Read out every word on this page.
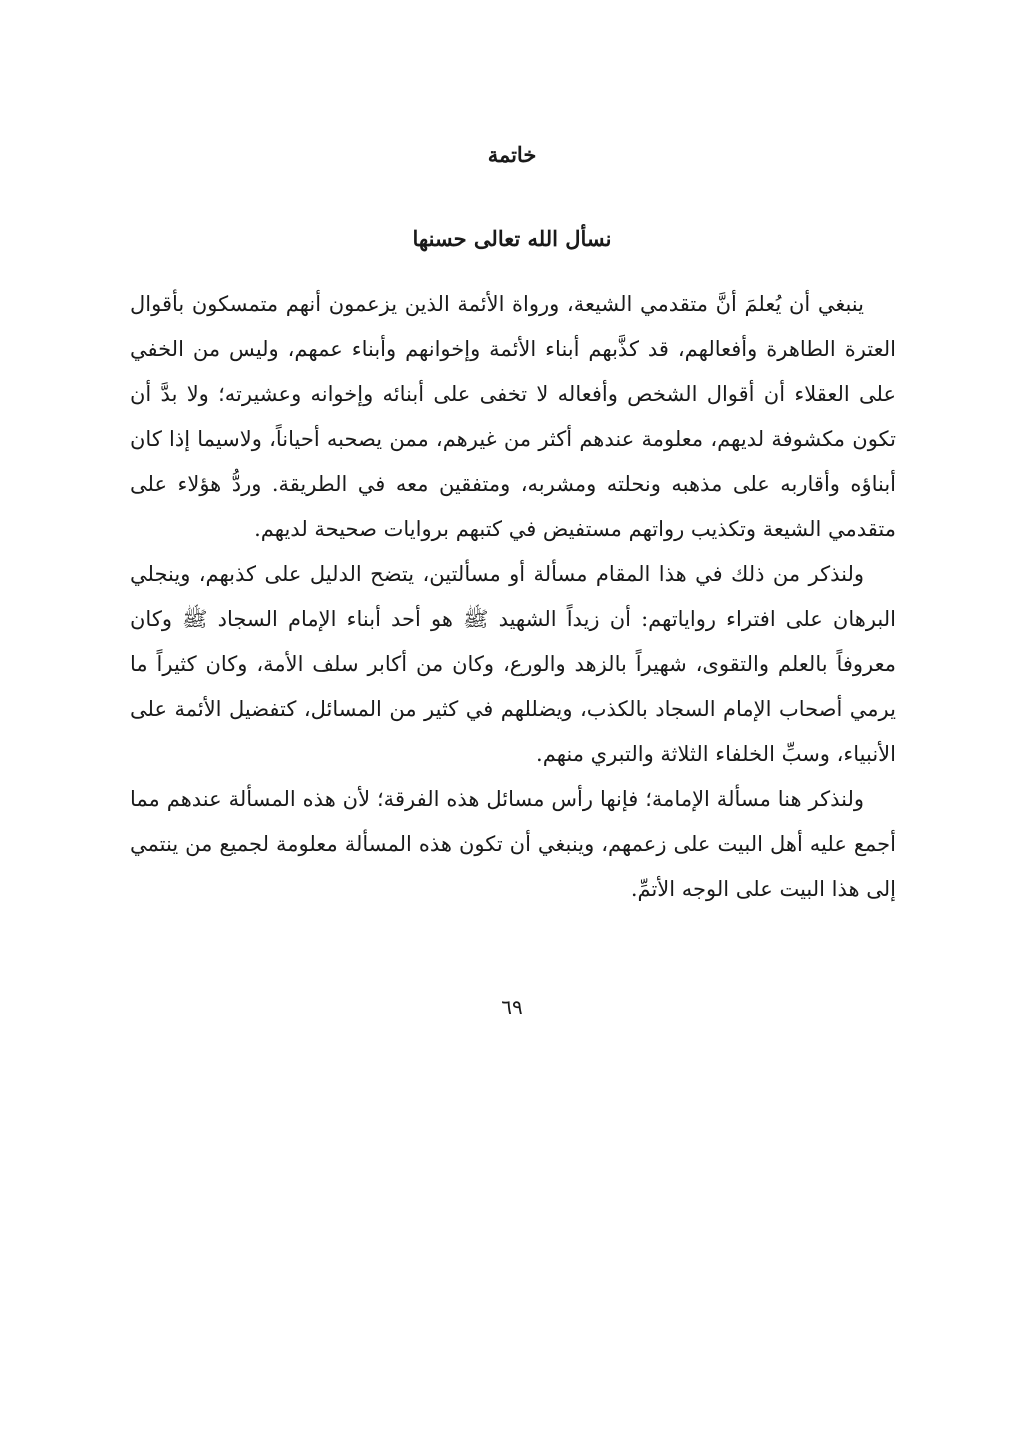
خاتمة
نسأل الله تعالى حسنها

ينبغي أن يُعلمَ أنَّ متقدمي الشيعة، ورواة الأئمة الذين يزعمون أنهم متمسكون بأقوال العترة الطاهرة وأفعالهم، قد كذَّبهم أبناء الأئمة وإخوانهم وأبناء عمهم، وليس من الخفي على العقلاء أن أقوال الشخص وأفعاله لا تخفى على أبنائه وإخوانه وعشيرته؛ ولا بدَّ أن تكون مكشوفة لديهم، معلومة عندهم أكثر من غيرهم، ممن يصحبه أحياناً، ولاسيما إذا كان أبناؤه وأقاربه على مذهبه ونحلته ومشربه، ومتفقين معه في الطريقة. وردُّ هؤلاء على متقدمي الشيعة وتكذيب رواتهم مستفيض في كتبهم بروايات صحيحة لديهم.

ولنذكر من ذلك في هذا المقام مسألة أو مسألتين، يتضح الدليل على كذبهم، وينجلي البرهان على افتراء رواياتهم: أن زيداً الشهيد ﷺ هو أحد أبناء الإمام السجاد ﷺ وكان معروفاً بالعلم والتقوى، شهيراً بالزهد والورع، وكان من أكابر سلف الأمة، وكان كثيراً ما يرمي أصحاب الإمام السجاد بالكذب، ويضللهم في كثير من المسائل، كتفضيل الأئمة على الأنبياء، وسبِّ الخلفاء الثلاثة والتبري منهم.

ولنذكر هنا مسألة الإمامة؛ فإنها رأس مسائل هذه الفرقة؛ لأن هذه المسألة عندهم مما أجمع عليه أهل البيت على زعمهم، وينبغي أن تكون هذه المسألة معلومة لجميع من ينتمي إلى هذا البيت على الوجه الأتمِّ.

٦٩
